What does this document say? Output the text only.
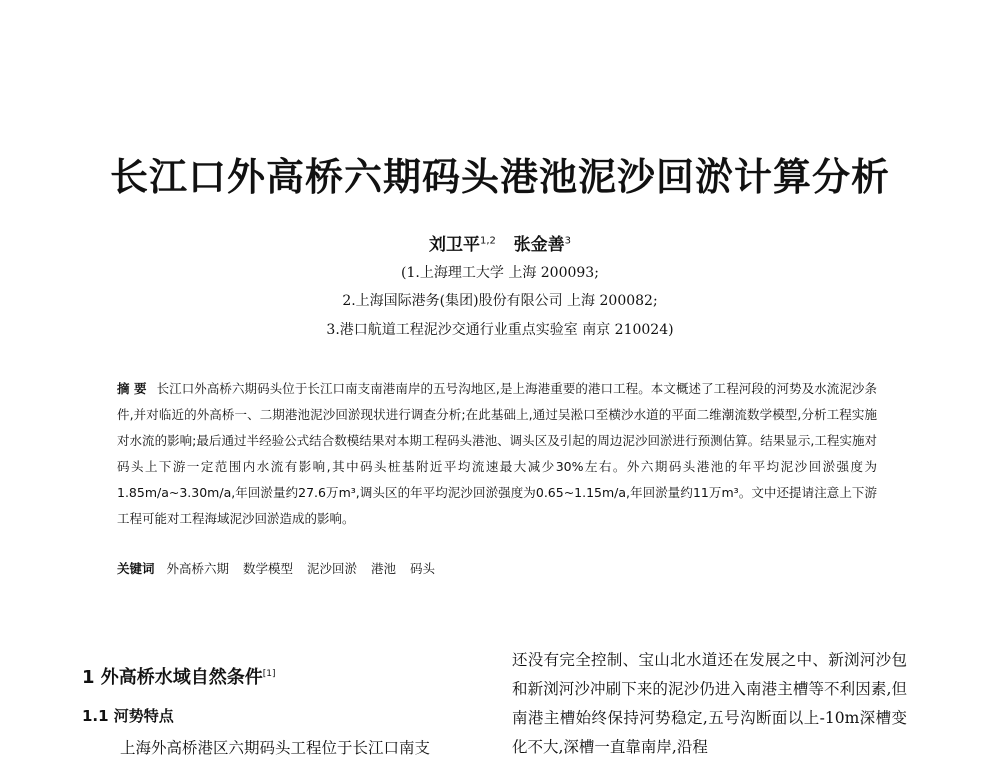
长江口外高桥六期码头港池泥沙回淤计算分析
刘卫平$^{1,2}$ 张金善$^3$
(1.上海理工大学 上海 200093;
2.上海国际港务(集团)股份有限公司 上海 200082;
3.港口航道工程泥沙交通行业重点实验室 南京 210024)
摘 要 长江口外高桥六期码头位于长江口南支南港南岸的五号沟地区,是上海港重要的港口工程。本文概述了工程河段的河势及水流泥沙条件,并对临近的外高桥一、二期港池泥沙回淤现状进行调查分析;在此基础上,通过吴淞口至横沙水道的平面二维潮流数学模型,分析工程实施对水流的影响;最后通过半经验公式结合数模结果对本期工程码头港池、调头区及引起的周边泥沙回淤进行预测估算。结果显示,工程实施对码头上下游一定范围内水流有影响,其中码头桩基附近平均流速最大减少30%左右。外六期码头港池的年平均泥沙回淤强度为1.85m/a~3.30m/a,年回淤量约27.6万m³,调头区的年平均泥沙回淤强度为0.65~1.15m/a,年回淤量约11万m³。文中还提请注意上下游工程可能对工程海域泥沙回淤造成的影响。
关键词 外高桥六期 数学模型 泥沙回淤 港池 码头
1 外高桥水域自然条件[1]
1.1 河势特点
上海外高桥港区六期码头工程位于长江口南支
还没有完全控制、宝山北水道还在发展之中、新浏河沙包和新浏河沙冲刷下来的泥沙仍进入南港主槽等不利因素,但南港主槽始终保持河势稳定,五号沟断面以上-10m深槽变化不大,深槽一直靠南岸,沿程
